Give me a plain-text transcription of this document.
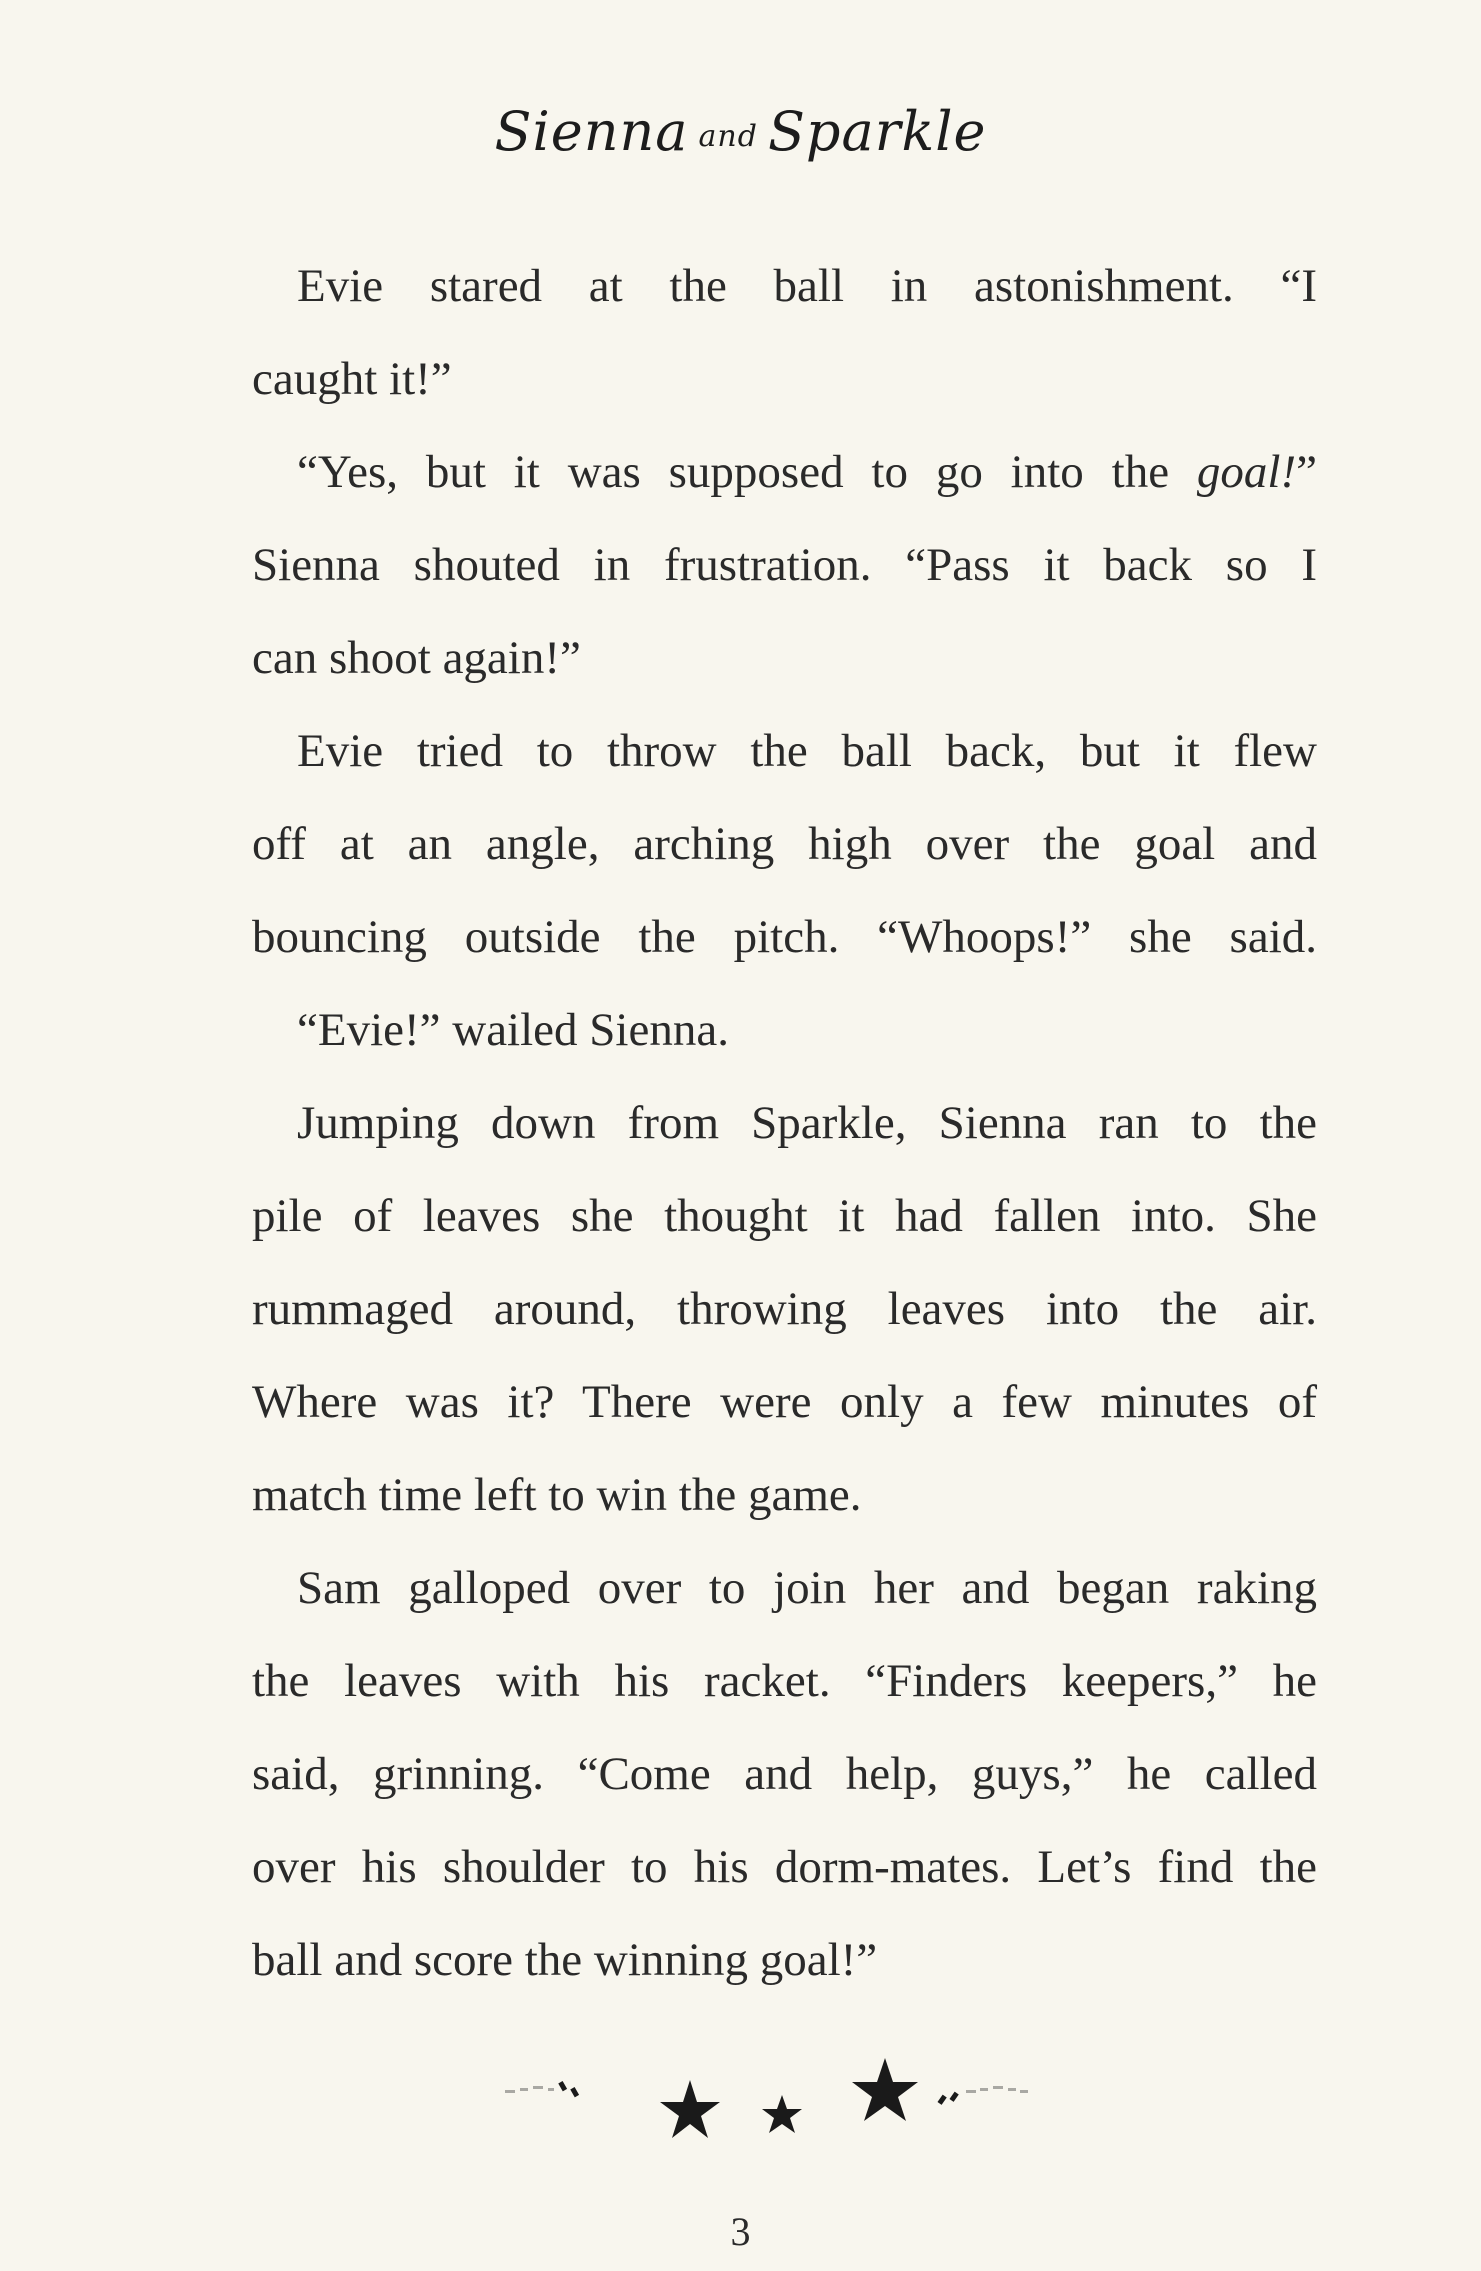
Sienna and Sparkle
Evie stared at the ball in astonishment. “I
caught it!”
“Yes, but it was supposed to go into the goal!”
Sienna shouted in frustration. “Pass it back so I
can shoot again!”
Evie tried to throw the ball back, but it flew
off at an angle, arching high over the goal and
bouncing outside the pitch. “Whoops!” she said.
“Evie!” wailed Sienna.
Jumping down from Sparkle, Sienna ran to the
pile of leaves she thought it had fallen into. She
rummaged around, throwing leaves into the air.
Where was it? There were only a few minutes of
match time left to win the game.
Sam galloped over to join her and began raking
the leaves with his racket. “Finders keepers,” he
said, grinning. “Come and help, guys,” he called
over his shoulder to his dorm-mates. Let’s find the
ball and score the winning goal!”
3
